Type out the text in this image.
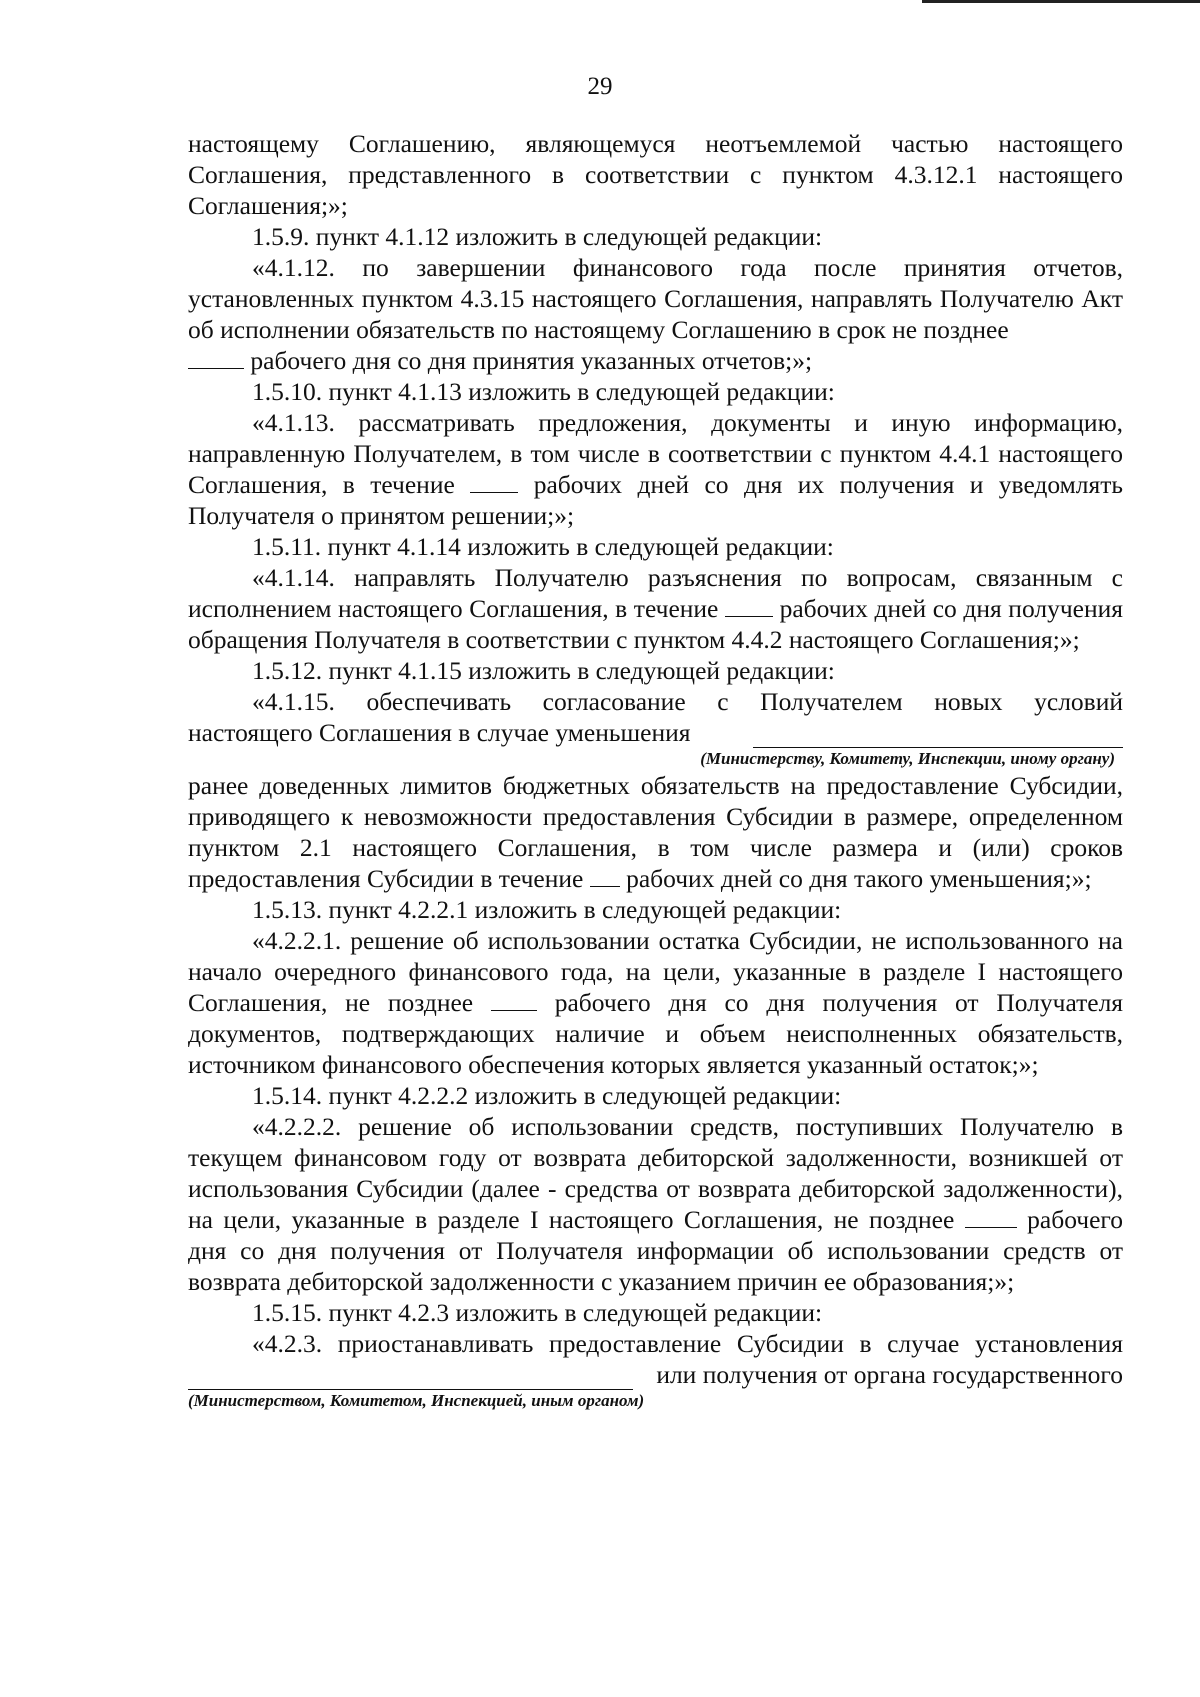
29

настоящему Соглашению, являющемуся неотъемлемой частью настоящего Соглашения, представленного в соответствии с пунктом 4.3.12.1 настоящего Соглашения;»;

1.5.9. пункт 4.1.12 изложить в следующей редакции:

«4.1.12. по завершении финансового года после принятия отчетов, установленных пунктом 4.3.15 настоящего Соглашения, направлять Получателю Акт об исполнении обязательств по настоящему Соглашению в срок не позднее

рабочего дня со дня принятия указанных отчетов;»;

1.5.10. пункт 4.1.13 изложить в следующей редакции:

«4.1.13. рассматривать предложения, документы и иную информацию, направленную Получателем, в том числе в соответствии с пунктом 4.4.1 настоящего Соглашения, в течение	рабочих дней со дня их получения и уведомлять Получателя о принятом решении;»;

1.5.11. пункт 4.1.14 изложить в следующей редакции:

«4.1.14. направлять Получателю разъяснения по вопросам, связанным с исполнением настоящего Соглашения, в течение рабочих дней со дня получения обращения Получателя в соответствии с пунктом 4.4.2 настоящего Соглашения;»;

1.5.12. пункт 4.1.15 изложить в следующей редакции:

«4.1.15. обеспечивать согласование с Получателем новых условий

настоящего Соглашения в случае уменьшения
(Министерству, Комитету, Инспекции, иному органу)

ранее доведенных лимитов бюджетных обязательств на предоставление Субсидии, приводящего к невозможности предоставления Субсидии в размере, определенном пунктом 2.1 настоящего Соглашения, в том числе размера и (или) сроков предоставления Субсидии в течение рабочих дней со дня такого уменьшения;»;

1.5.13. пункт 4.2.2.1 изложить в следующей редакции:

«4.2.2.1. решение об использовании остатка Субсидии, не использованного на начало очередного финансового года, на цели, указанные в разделе I настоящего Соглашения, не позднее	рабочего дня со дня получения от Получателя документов, подтверждающих наличие и объем неисполненных обязательств, источником финансового обеспечения которых является указанный остаток;»;

1.5.14. пункт 4.2.2.2 изложить в следующей редакции:

«4.2.2.2. решение об использовании средств, поступивших Получателю в текущем финансовом году от возврата дебиторской задолженности, возникшей от использования Субсидии (далее - средства от возврата дебиторской задолженности), на цели, указанные в разделе I настоящего Соглашения, не позднее	рабочего дня со дня получения от Получателя информации об использовании средств от возврата дебиторской задолженности с указанием причин ее образования;»;

1.5.15. пункт 4.2.3 изложить в следующей редакции:

«4.2.3. приостанавливать предоставление Субсидии в случае установления

или получения от органа государственного
(Министерством, Комитетом, Инспекцией, иным органом)
